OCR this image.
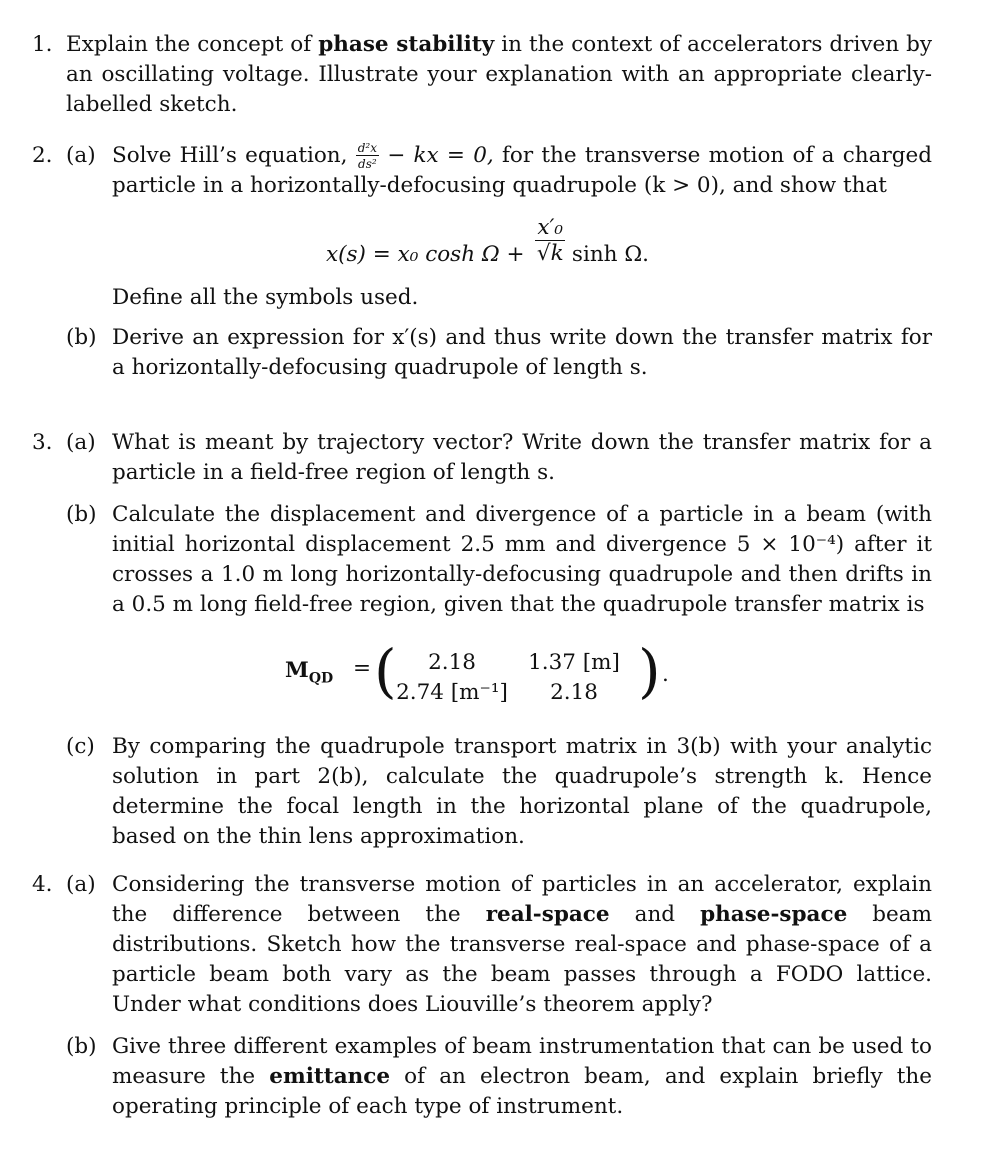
1. Explain the concept of phase stability in the context of accelerators driven by an oscillating voltage. Illustrate your explanation with an appropriate clearly-labelled sketch.
2. (a) Solve Hill’s equation, $\frac{\text{d²x}}{\text{ds²}}$ − kx = 0, for the transverse motion of a charged particle in a horizontally-defocusing quadrupole (k > 0), and show that
x(s) = x₀ $\cosh \Omega + \frac{\text{x′₀}}{√k}$ sinh Ω.
Define all the symbols used.
(b) Derive an expression for x′(s) and thus write down the transfer matrix for a horizontally-defocusing quadrupole of length s.
3. (a) What is meant by trajectory vector? Write down the transfer matrix for a particle in a field-free region of length s.
(b) Calculate the displacement and divergence of a particle in a beam (with initial horizontal displacement 2.5 mm and divergence 5 × 10⁻⁴) after it crosses a 1.0 m long horizontally-defocusing quadrupole and then drifts in a 0.5 m long field-free region, given that the quadrupole transfer matrix is
$M_{QD}$ = (	2.18	1.37 [m]
2.74 [m⁻¹]	2.18 ) .
(c) By comparing the quadrupole transport matrix in 3(b) with your analytic solution in part 2(b), calculate the quadrupole’s strength k. Hence determine the focal length in the horizontal plane of the quadrupole, based on the thin lens approximation.
4. (a) Considering the transverse motion of particles in an accelerator, explain the difference between the real-space and phase-space beam distributions. Sketch how the transverse real-space and phase-space of a particle beam both vary as the beam passes through a FODO lattice. Under what conditions does Liouville’s theorem apply?
(b) Give three different examples of beam instrumentation that can be used to measure the emittance of an electron beam, and explain briefly the operating principle of each type of instrument.
